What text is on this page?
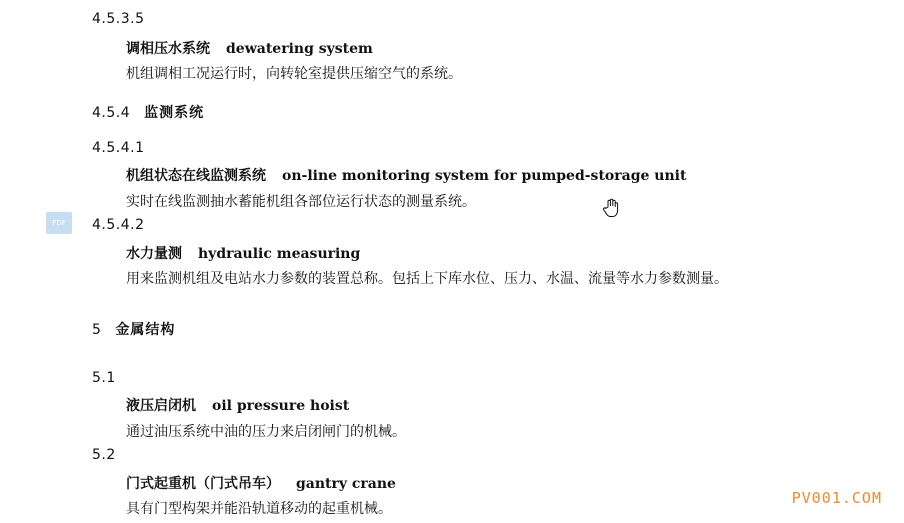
4.5.3.5
调相压水系统 dewatering system
机组调相工况运行时，向转轮室提供压缩空气的系统。
4.5.4 监测系统
4.5.4.1
机组状态在线监测系统 on-line monitoring system for pumped-storage unit
实时在线监测抽水蓄能机组各部位运行状态的测量系统。
4.5.4.2
水力量测 hydraulic measuring
用来监测机组及电站水力参数的装置总称。包括上下库水位、压力、水温、流量等水力参数测量。
5 金属结构
5.1
液压启闭机 oil pressure hoist
通过油压系统中油的压力来启闭闸门的机械。
5.2
门式起重机（门式吊车） gantry crane
具有门型构架并能沿轨道移动的起重机械。
PDF
PV001.COM
